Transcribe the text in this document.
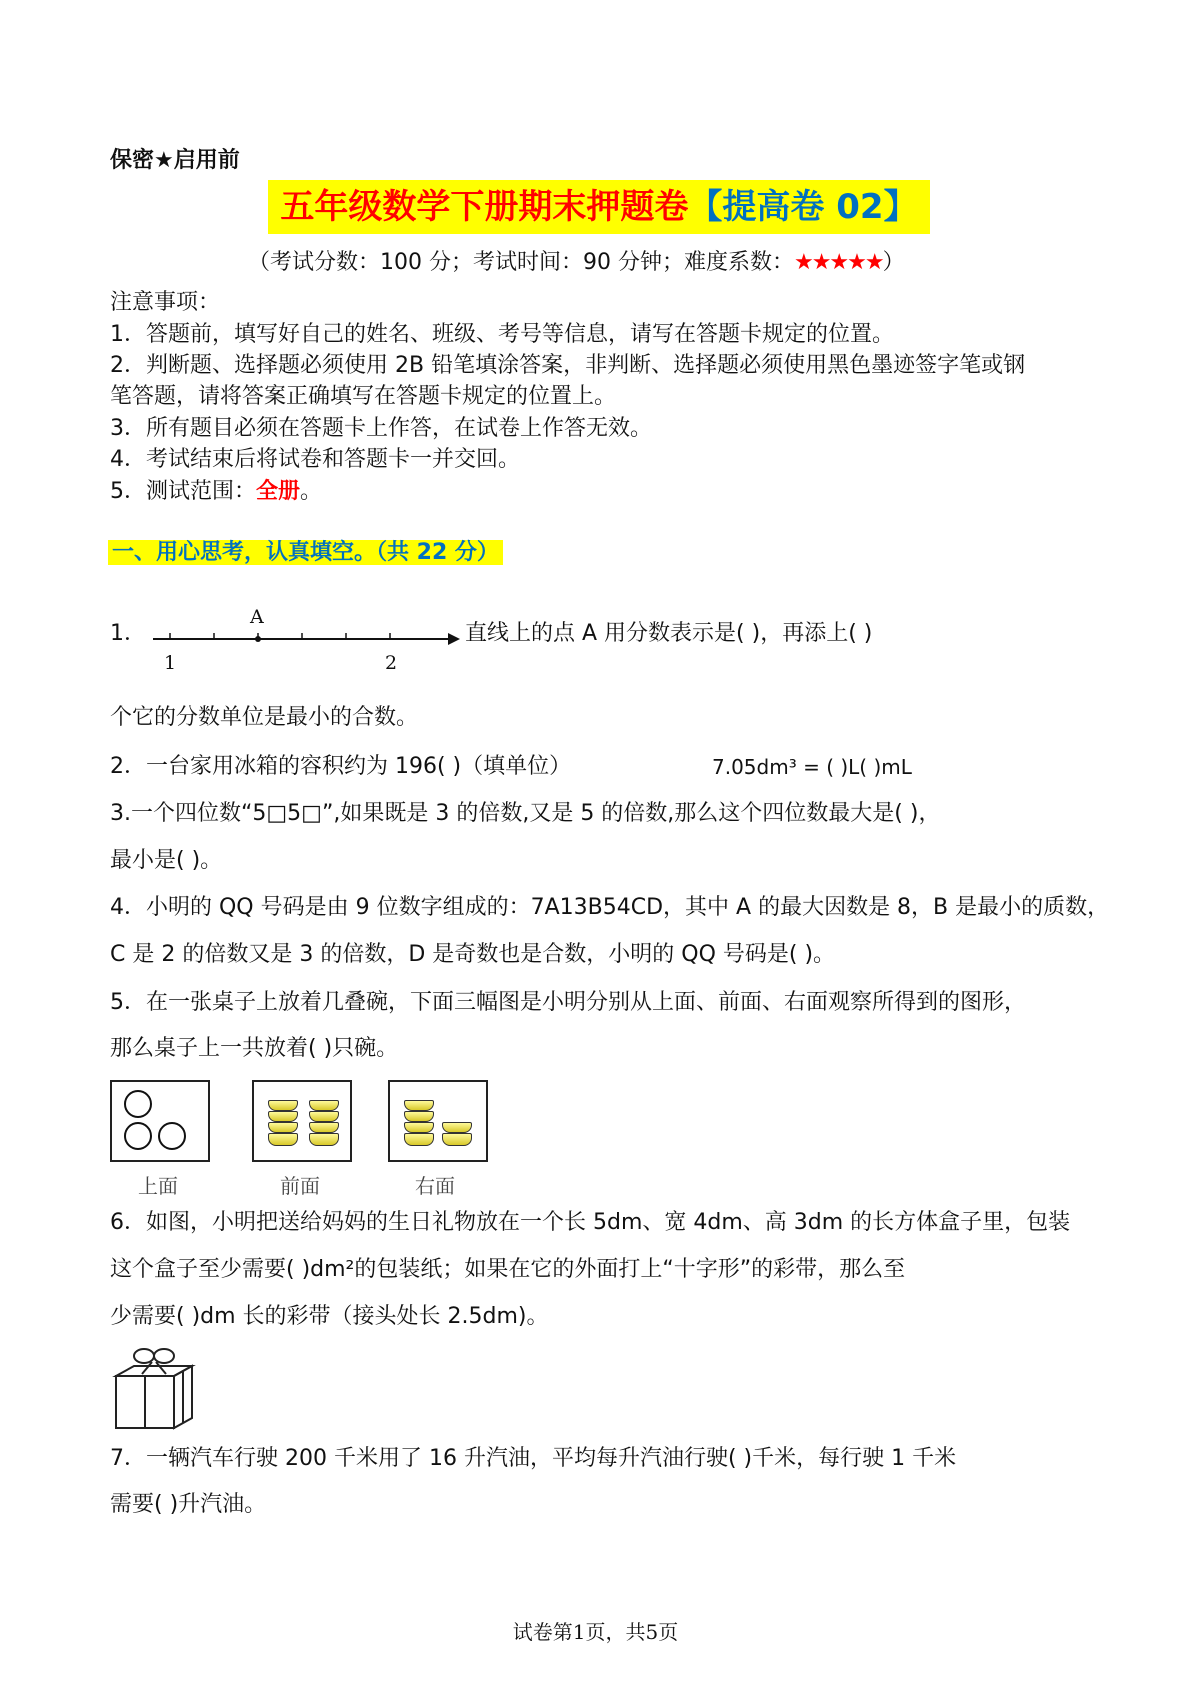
保密★启用前
五年级数学下册期末押题卷【提高卷 02】
（考试分数：100 分；考试时间：90 分钟；难度系数：★★★★★）
注意事项：
1．答题前，填写好自己的姓名、班级、考号等信息，请写在答题卡规定的位置。
2．判断题、选择题必须使用 2B 铅笔填涂答案，非判断、选择题必须使用黑色墨迹签字笔或钢
笔答题，请将答案正确填写在答题卡规定的位置上。
3．所有题目必须在答题卡上作答，在试卷上作答无效。
4．考试结束后将试卷和答题卡一并交回。
5．测试范围：全册。
一、用心思考，认真填空。（共 22 分）
1．
A
1	2
直线上的点 A 用分数表示是( )，再添上( )
个它的分数单位是最小的合数。
2．一台家用冰箱的容积约为 196( )（填单位）	7.05dm³ = ( )L( )mL
3.一个四位数“5□5□”,如果既是 3 的倍数,又是 5 的倍数,那么这个四位数最大是( )，
最小是( )。
4．小明的 QQ 号码是由 9 位数字组成的：7A13B54CD，其中 A 的最大因数是 8，B 是最小的质数，
C 是 2 的倍数又是 3 的倍数，D 是奇数也是合数，小明的 QQ 号码是( )。
5．在一张桌子上放着几叠碗，下面三幅图是小明分别从上面、前面、右面观察所得到的图形，
那么桌子上一共放着( )只碗。
上面	前面	右面
6．如图，小明把送给妈妈的生日礼物放在一个长 5dm、宽 4dm、高 3dm 的长方体盒子里，包装
这个盒子至少需要( )dm²的包装纸；如果在它的外面打上“十字形”的彩带，那么至
少需要( )dm 长的彩带（接头处长 2.5dm)。
7．一辆汽车行驶 200 千米用了 16 升汽油，平均每升汽油行驶( )千米，每行驶 1 千米
需要( )升汽油。
试卷第1页，共5页
